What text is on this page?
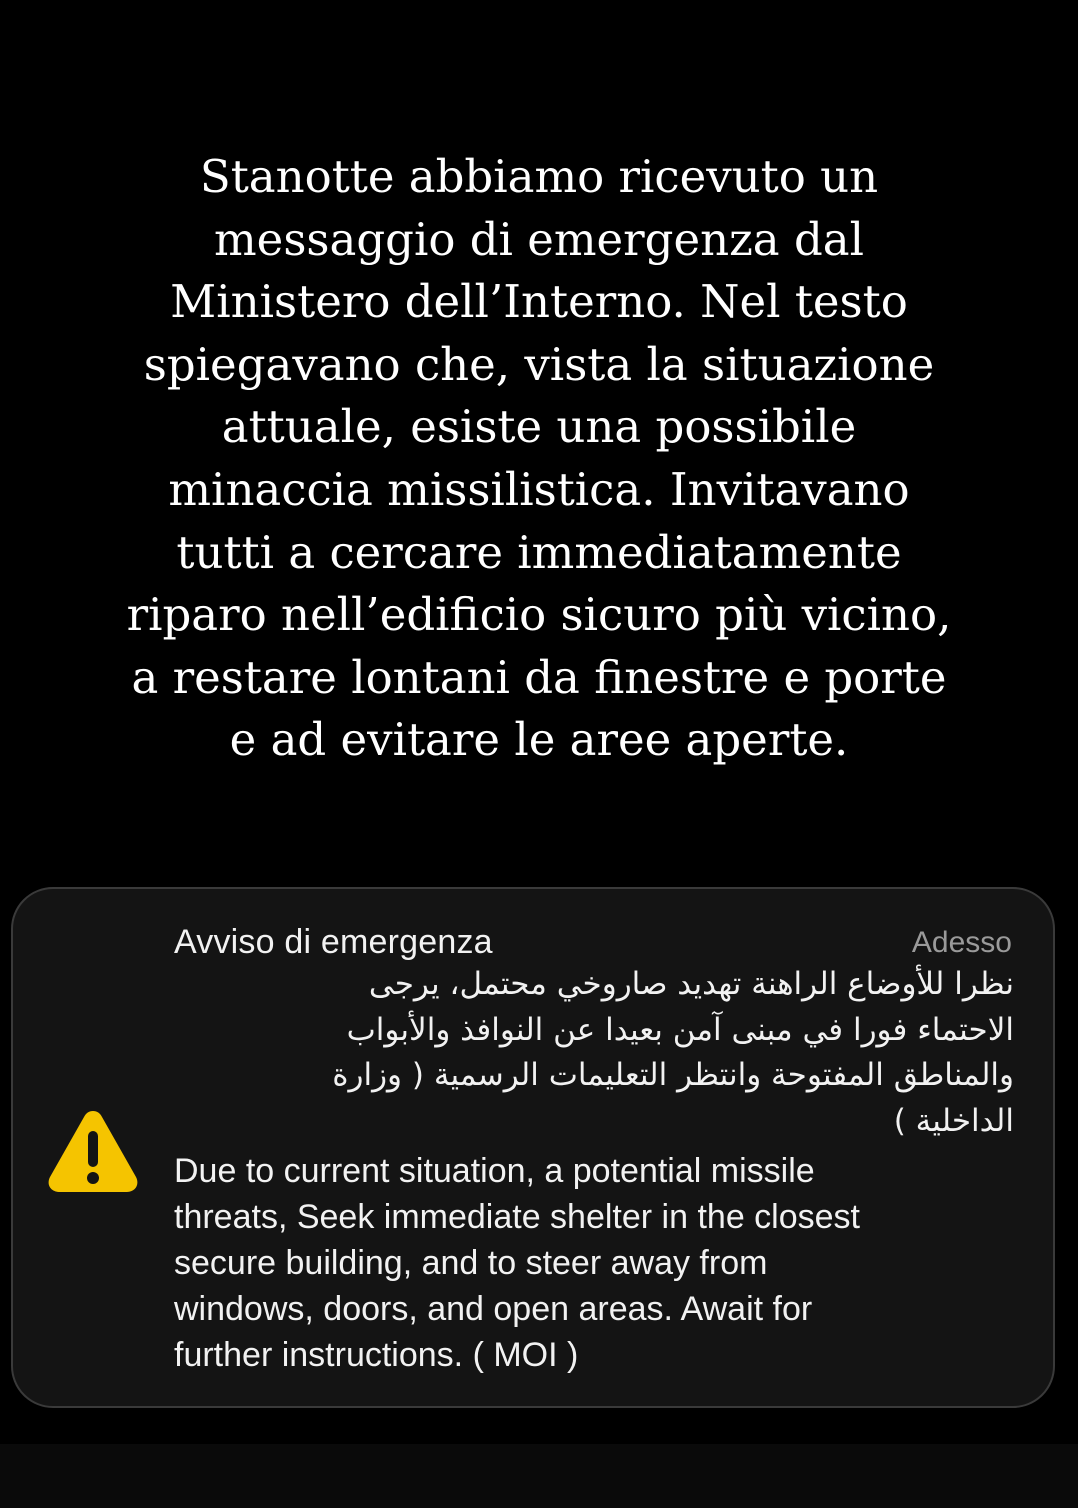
Stanotte abbiamo ricevuto un
messaggio di emergenza dal
Ministero dell’Interno. Nel testo
spiegavano che, vista la situazione
attuale, esiste una possibile
minaccia missilistica. Invitavano
tutti a cercare immediatamente
riparo nell’edificio sicuro più vicino,
a restare lontani da finestre e porte
e ad evitare le aree aperte.
Avviso di emergenza	Adesso
نظرا للأوضاع الراهنة تهديد صاروخي محتمل، يرجى
الاحتماء فورا في مبنى آمن بعيدا عن النوافذ والأبواب
والمناطق المفتوحة وانتظر التعليمات الرسمية ( وزارة
الداخلية )
Due to current situation, a potential missile
threats, Seek immediate shelter in the closest
secure building, and to steer away from
windows, doors, and open areas. Await for
further instructions. ( MOI )
